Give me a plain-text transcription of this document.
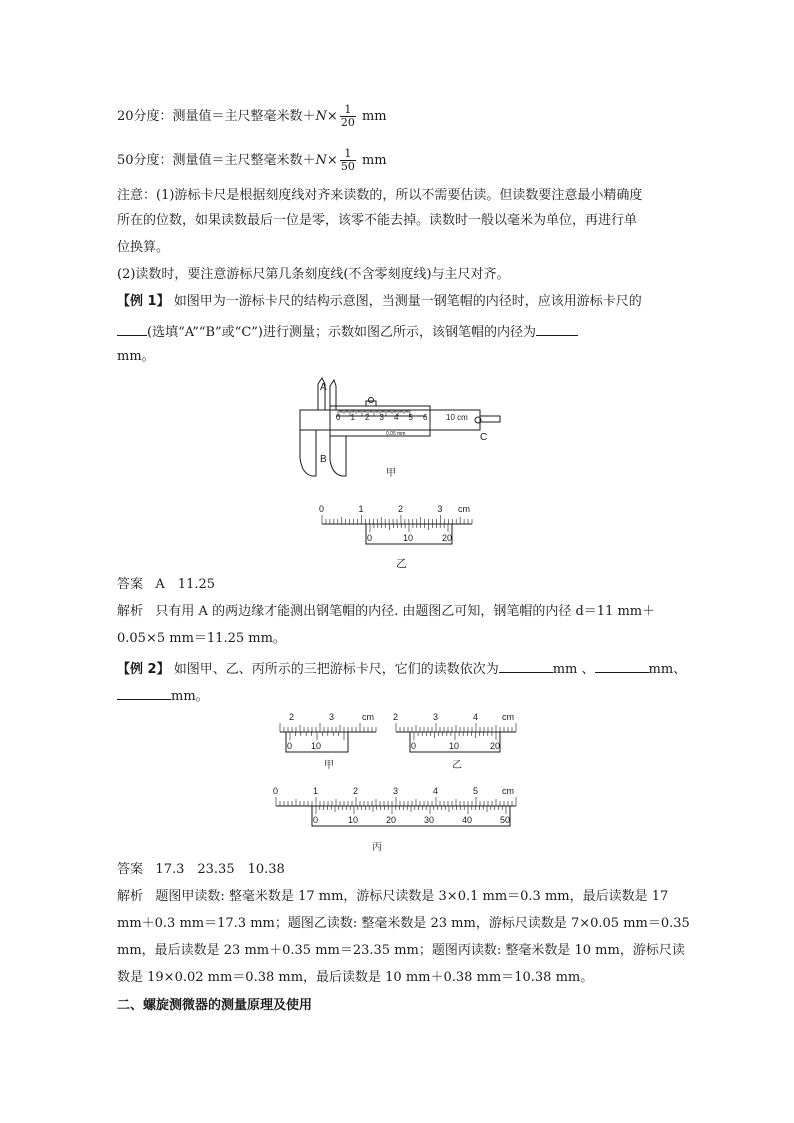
20分度：测量值＝主尺整毫米数$+N\times \frac{1}{20}$ mm
50分度：测量值＝主尺整毫米数$+N\times \frac{1}{50}$ mm
注意：(1)游标卡尺是根据刻度线对齐来读数的，所以不需要估读。但读数要注意最小精确度
所在的位数，如果读数最后一位是零，该零不能去掉。读数时一般以毫米为单位，再进行单
位换算。
(2)读数时，要注意游标尺第几条刻度线(不含零刻度线)与主尺对齐。
【例 1】 如图甲为一游标卡尺的结构示意图，当测量一钢笔帽的内径时，应该用游标卡尺的
(选填“A”“B”或“C”)进行测量；示数如图乙所示，该钢笔帽的内径为
mm。
A
B
C
0 1 2 3 4 5 6 10 cm
0.05 mm
甲
0	1	2	3 cm
0	10	20
乙
答案 A　11.25
解析 只有用 A 的两边缘才能测出钢笔帽的内径. 由题图乙可知，钢笔帽的内径 d＝11 mm＋
0.05×5 mm＝11.25 mm。
【例 2】 如图甲、乙、丙所示的三把游标卡尺，它们的读数依次为	mm 、	mm、
mm。
2	3	cm
0 10
甲
2	3	4	cm
0	10	20
乙
0	1	2	3	4	5	cm
0	10	20	30	40	50
丙
答案 17.3　23.35　10.38
解析 题图甲读数: 整毫米数是 17 mm，游标尺读数是 3×0.1 mm＝0.3 mm，最后读数是 17
mm＋0.3 mm＝17.3 mm；题图乙读数: 整毫米数是 23 mm，游标尺读数是 7×0.05 mm＝0.35
mm，最后读数是 23 mm＋0.35 mm＝23.35 mm；题图丙读数: 整毫米数是 10 mm，游标尺读
数是 19×0.02 mm＝0.38 mm，最后读数是 10 mm＋0.38 mm＝10.38 mm。
二、螺旋测微器的测量原理及使用
